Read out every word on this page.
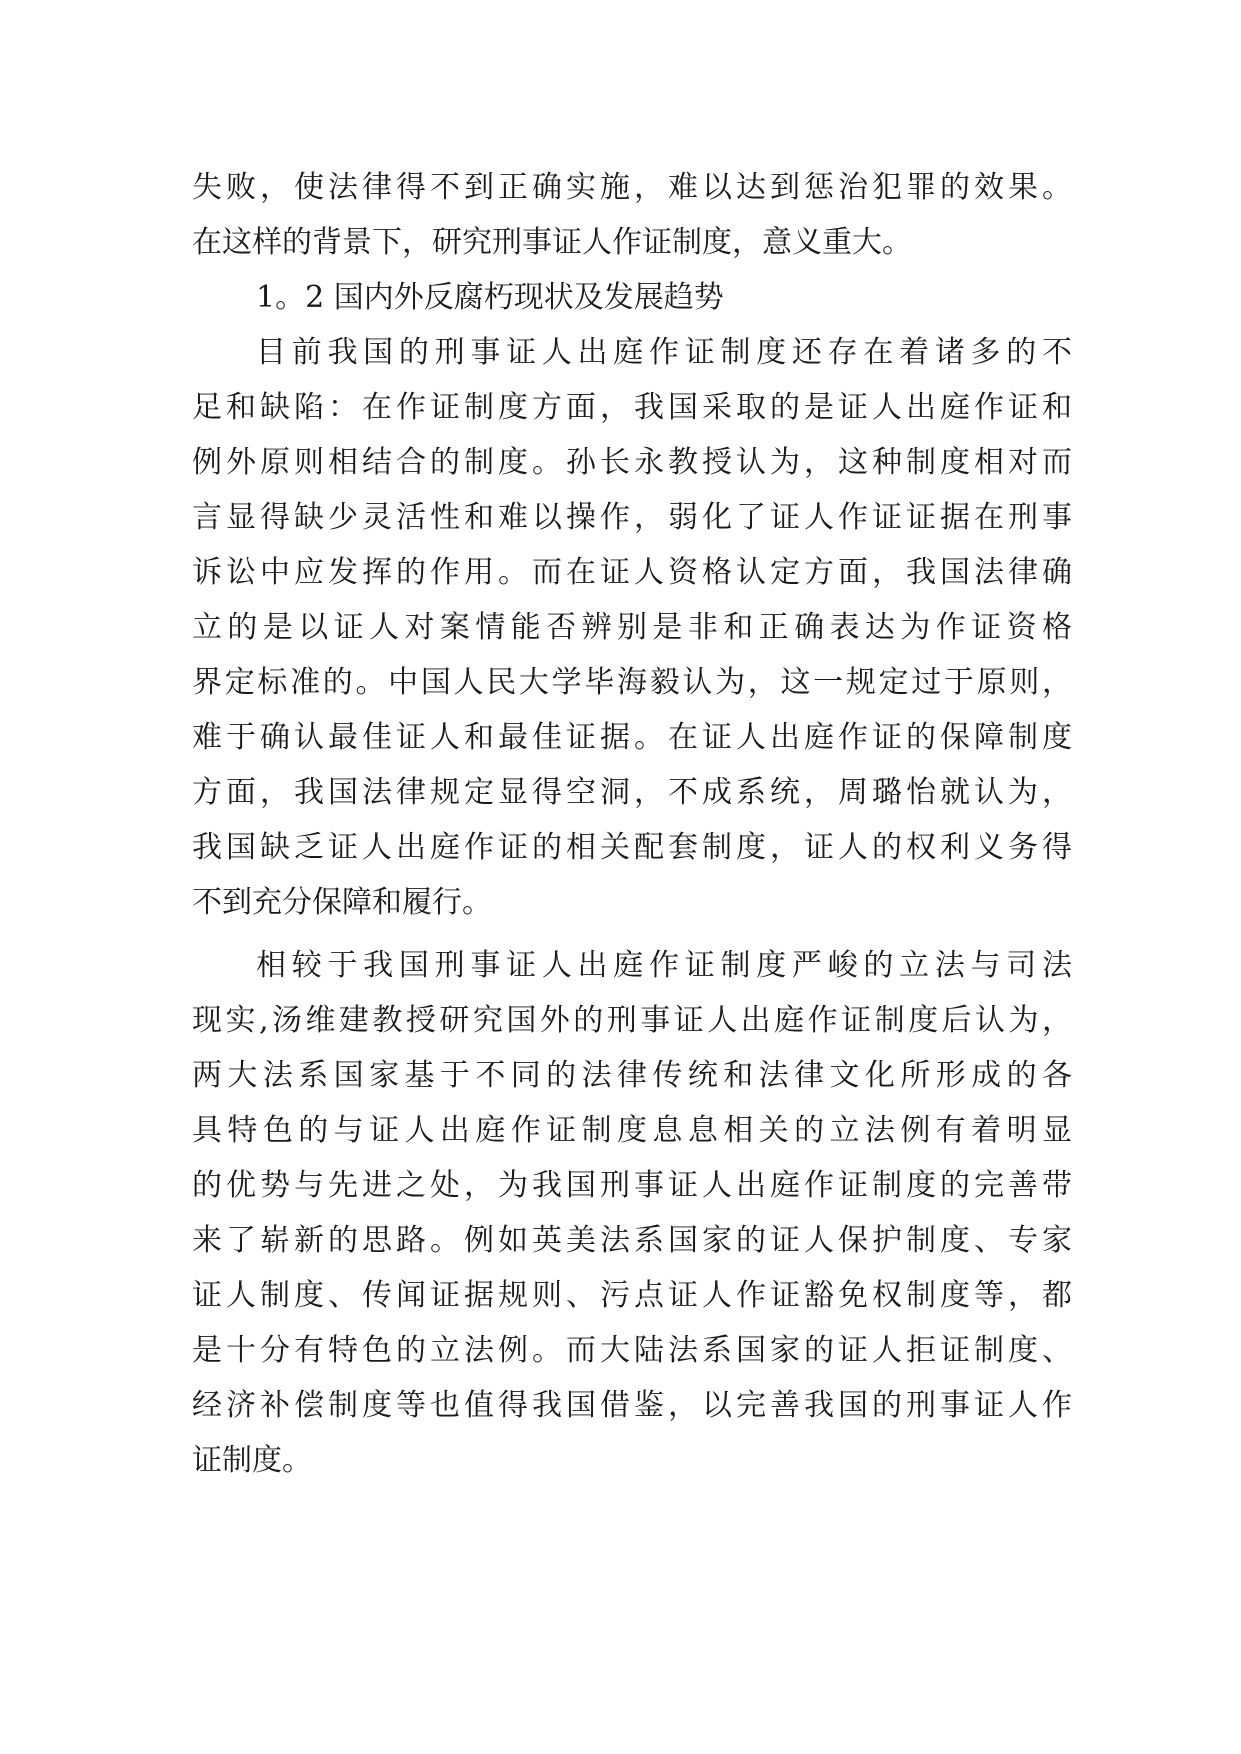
失败，使法律得不到正确实施，难以达到惩治犯罪的效果。
在这样的背景下，研究刑事证人作证制度，意义重大。
1。2 国内外反腐朽现状及发展趋势
目前我国的刑事证人出庭作证制度还存在着诸多的不
足和缺陷：在作证制度方面，我国采取的是证人出庭作证和
例外原则相结合的制度。孙长永教授认为，这种制度相对而
言显得缺少灵活性和难以操作，弱化了证人作证证据在刑事
诉讼中应发挥的作用。而在证人资格认定方面，我国法律确
立的是以证人对案情能否辨别是非和正确表达为作证资格
界定标准的。中国人民大学毕海毅认为，这一规定过于原则，
难于确认最佳证人和最佳证据。在证人出庭作证的保障制度
方面，我国法律规定显得空洞，不成系统，周璐怡就认为，
我国缺乏证人出庭作证的相关配套制度，证人的权利义务得
不到充分保障和履行。
相较于我国刑事证人出庭作证制度严峻的立法与司法
现实,汤维建教授研究国外的刑事证人出庭作证制度后认为，
两大法系国家基于不同的法律传统和法律文化所形成的各
具特色的与证人出庭作证制度息息相关的立法例有着明显
的优势与先进之处，为我国刑事证人出庭作证制度的完善带
来了崭新的思路。例如英美法系国家的证人保护制度、专家
证人制度、传闻证据规则、污点证人作证豁免权制度等，都
是十分有特色的立法例。而大陆法系国家的证人拒证制度、
经济补偿制度等也值得我国借鉴，以完善我国的刑事证人作
证制度。
